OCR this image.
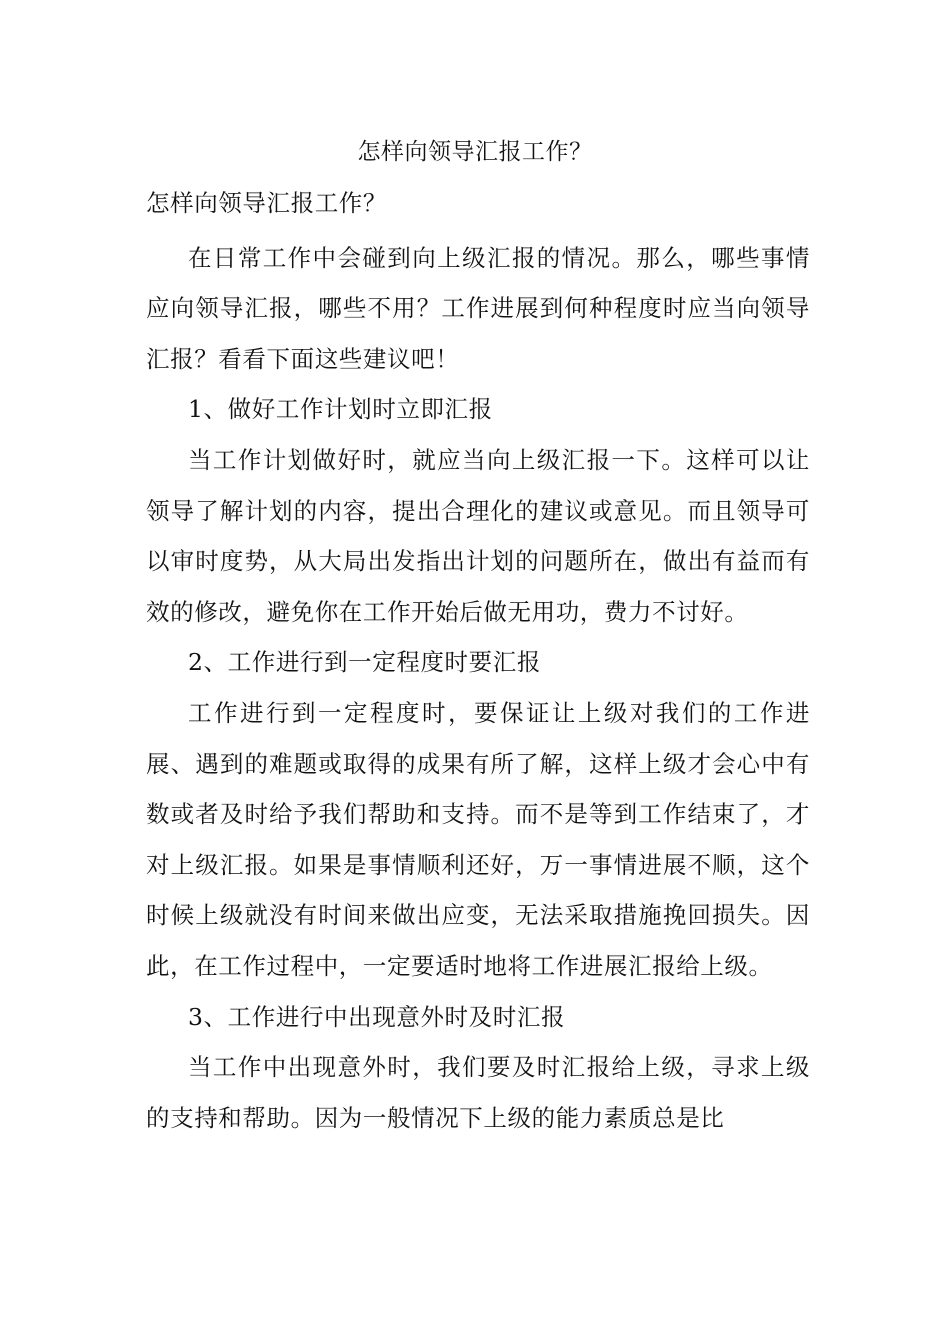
怎样向领导汇报工作？

怎样向领导汇报工作？

在日常工作中会碰到向上级汇报的情况。那么，哪些事情应向领导汇报，哪些不用？工作进展到何种程度时应当向领导汇报？看看下面这些建议吧！

1、做好工作计划时立即汇报

当工作计划做好时，就应当向上级汇报一下。这样可以让领导了解计划的内容，提出合理化的建议或意见。而且领导可以审时度势，从大局出发指出计划的问题所在，做出有益而有效的修改，避免你在工作开始后做无用功，费力不讨好。

2、工作进行到一定程度时要汇报

工作进行到一定程度时，要保证让上级对我们的工作进展、遇到的难题或取得的成果有所了解，这样上级才会心中有数或者及时给予我们帮助和支持。而不是等到工作结束了，才对上级汇报。如果是事情顺利还好，万一事情进展不顺，这个时候上级就没有时间来做出应变，无法采取措施挽回损失。因此，在工作过程中，一定要适时地将工作进展汇报给上级。

3、工作进行中出现意外时及时汇报

当工作中出现意外时，我们要及时汇报给上级，寻求上级的支持和帮助。因为一般情况下上级的能力素质总是比
